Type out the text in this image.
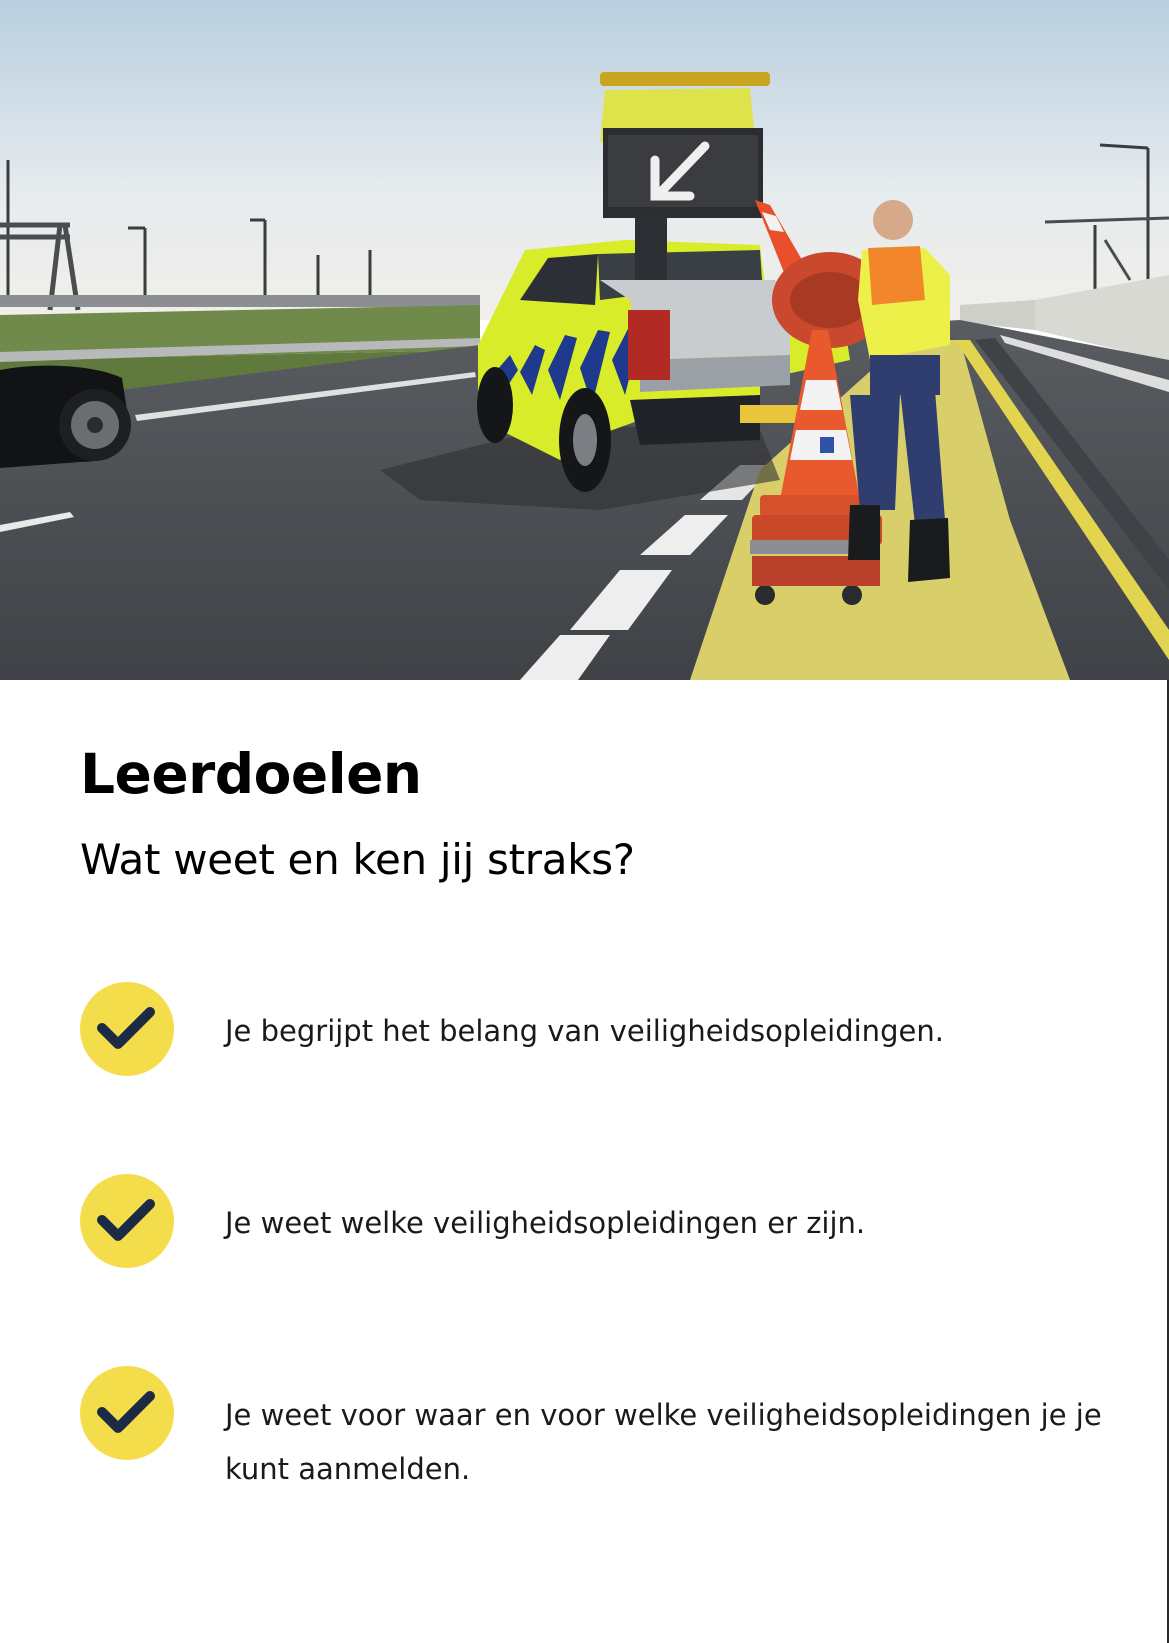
Leerdoelen
Wat weet en ken jij straks?

Je begrijpt het belang van veiligheidsopleidingen.

Je weet welke veiligheidsopleidingen er zijn.

Je weet voor waar en voor welke veiligheidsopleidingen je je kunt aanmelden.
